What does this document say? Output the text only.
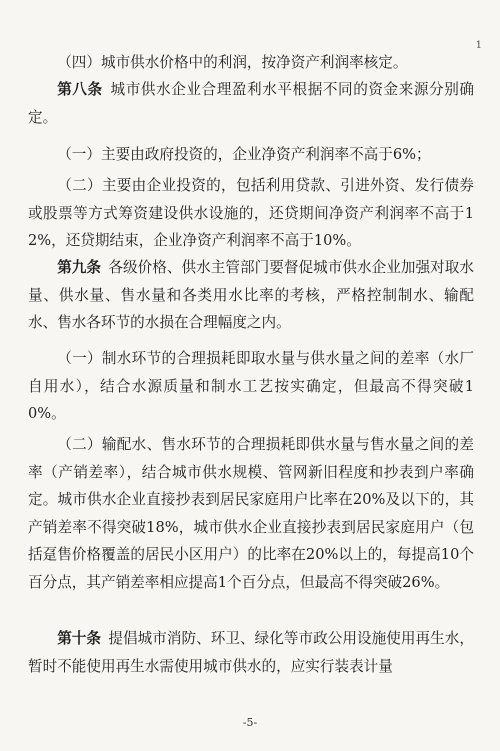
1
（四）城市供水价格中的利润，按净资产利润率核定。
第八条  城市供水企业合理盈利水平根据不同的资金来源分别确定。
（一）主要由政府投资的，企业净资产利润率不高于6%；
（二）主要由企业投资的，包括利用贷款、引进外资、发行债券或股票等方式筹资建设供水设施的，还贷期间净资产利润率不高于12%，还贷期结束，企业净资产利润率不高于10%。
第九条  各级价格、供水主管部门要督促城市供水企业加强对取水量、供水量、售水量和各类用水比率的考核，严格控制制水、输配水、售水各环节的水损在合理幅度之内。
（一）制水环节的合理损耗即取水量与供水量之间的差率（水厂自用水），结合水源质量和制水工艺按实确定，但最高不得突破10%。
（二）输配水、售水环节的合理损耗即供水量与售水量之间的差率（产销差率），结合城市供水规模、管网新旧程度和抄表到户率确定。城市供水企业直接抄表到居民家庭用户比率在20%及以下的，其产销差率不得突破18%，城市供水企业直接抄表到居民家庭用户（包括趸售价格覆盖的居民小区用户）的比率在20%以上的，每提高10个百分点，其产销差率相应提高1个百分点，但最高不得突破26%。
第十条  提倡城市消防、环卫、绿化等市政公用设施使用再生水，暂时不能使用再生水需使用城市供水的，应实行装表计量
-5-
